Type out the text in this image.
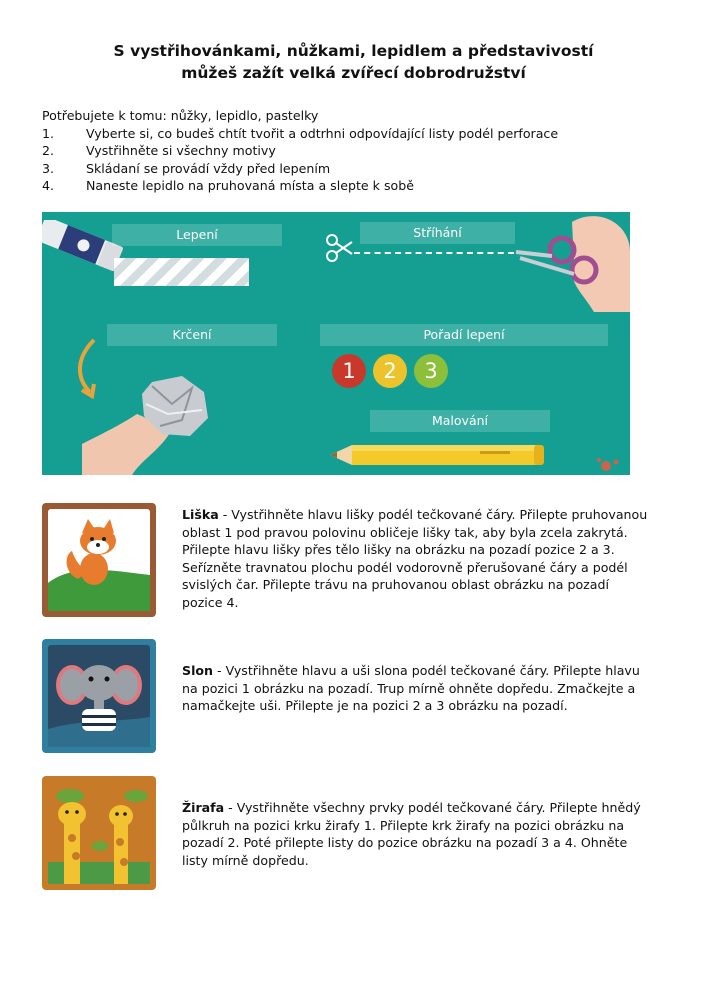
S vystřihovánkami, nůžkami, lepidlem a představivostí
můžeš zažít velká zvířecí dobrodružství
Potřebujete k tomu: nůžky, lepidlo, pastelky
1.	Vyberte si, co budeš chtít tvořit a odtrhni odpovídající listy podél perforace
2.	Vystřihněte si všechny motivy
3.	Skládaní se provádí vždy před lepením
4.	Naneste lepidlo na pruhovaná místa a slepte k sobě
Lepení	Stříhání
Krčení	Pořadí lepení
1	2	3
Malování
Liška - Vystřihněte hlavu lišky podél tečkované čáry. Přilepte pruhovanou oblast 1 pod pravou polovinu obličeje lišky tak, aby byla zcela zakrytá. Přilepte hlavu lišky přes tělo lišky na obrázku na pozadí pozice 2 a 3. Seřízněte travnatou plochu podél vodorovně přerušované čáry a podél svislých čar. Přilepte trávu na pruhovanou oblast obrázku na pozadí pozice 4.
Slon - Vystřihněte hlavu a uši slona podél tečkované čáry. Přilepte hlavu na pozici 1 obrázku na pozadí. Trup mírně ohněte dopředu. Zmačkejte a namačkejte uši. Přilepte je na pozici 2 a 3 obrázku na pozadí.
Žirafa - Vystřihněte všechny prvky podél tečkované čáry. Přilepte hnědý půlkruh na pozici krku žirafy 1. Přilepte krk žirafy na pozici obrázku na pozadí 2. Poté přilepte listy do pozice obrázku na pozadí 3 a 4. Ohněte listy mírně dopředu.
